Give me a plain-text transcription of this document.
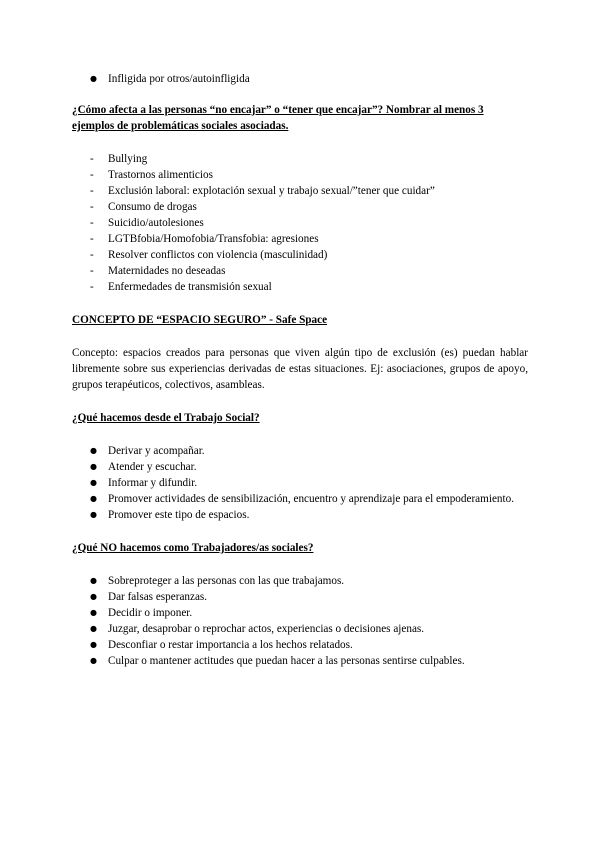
● Infligida por otros/autoinfligida
¿Cómo afecta a las personas “no encajar” o “tener que encajar”? Nombrar al menos 3 ejemplos de problemáticas sociales asociadas.
- Bullying
- Trastornos alimenticios
- Exclusión laboral: explotación sexual y trabajo sexual/”tener que cuidar”
- Consumo de drogas
- Suicidio/autolesiones
- LGTBfobia/Homofobia/Transfobia: agresiones
- Resolver conflictos con violencia (masculinidad)
- Maternidades no deseadas
- Enfermedades de transmisión sexual
CONCEPTO DE “ESPACIO SEGURO” - Safe Space

Concepto: espacios creados para personas que viven algún tipo de exclusión (es) puedan hablar libremente sobre sus experiencias derivadas de estas situaciones. Ej: asociaciones, grupos de apoyo, grupos terapéuticos, colectivos, asambleas.

¿Qué hacemos desde el Trabajo Social?
● Derivar y acompañar.
● Atender y escuchar.
● Informar y difundir.
● Promover actividades de sensibilización, encuentro y aprendizaje para el empoderamiento.
● Promover este tipo de espacios.
¿Qué NO hacemos como Trabajadores/as sociales?
● Sobreproteger a las personas con las que trabajamos.
● Dar falsas esperanzas.
● Decidir o imponer.
● Juzgar, desaprobar o reprochar actos, experiencias o decisiones ajenas.
● Desconfiar o restar importancia a los hechos relatados.
● Culpar o mantener actitudes que puedan hacer a las personas sentirse culpables.
